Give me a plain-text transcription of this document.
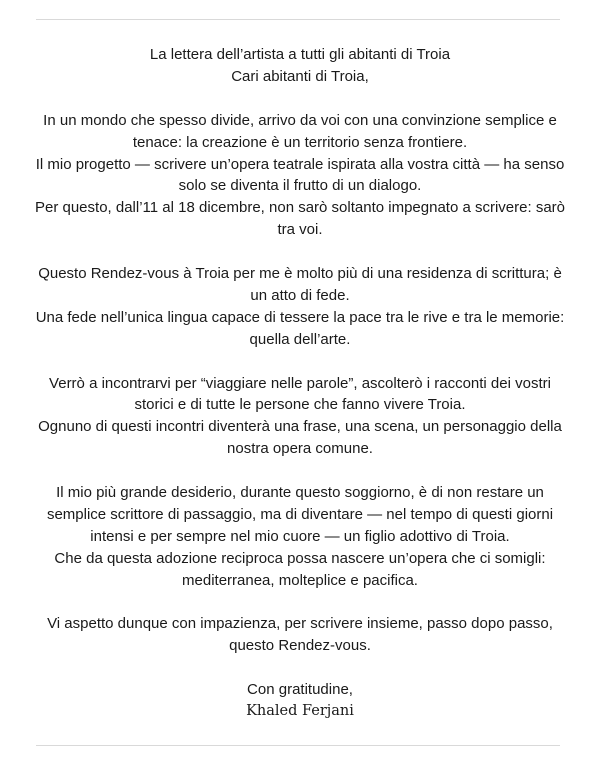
La lettera dell’artista a tutti gli abitanti di Troia

Cari abitanti di Troia,

In un mondo che spesso divide, arrivo da voi con una convinzione semplice e tenace: la creazione è un territorio senza frontiere.

Il mio progetto — scrivere un’opera teatrale ispirata alla vostra città — ha senso solo se diventa il frutto di un dialogo.

Per questo, dall’11 al 18 dicembre, non sarò soltanto impegnato a scrivere: sarò tra voi.

Questo Rendez-vous à Troia per me è molto più di una residenza di scrittura; è un atto di fede.

Una fede nell’unica lingua capace di tessere la pace tra le rive e tra le memorie: quella dell’arte.

Verrò a incontrarvi per “viaggiare nelle parole”, ascolterò i racconti dei vostri storici e di tutte le persone che fanno vivere Troia.

Ognuno di questi incontri diventerà una frase, una scena, un personaggio della nostra opera comune.

Il mio più grande desiderio, durante questo soggiorno, è di non restare un semplice scrittore di passaggio, ma di diventare — nel tempo di questi giorni intensi e per sempre nel mio cuore — un figlio adottivo di Troia.

Che da questa adozione reciproca possa nascere un’opera che ci somigli: mediterranea, molteplice e pacifica.

Vi aspetto dunque con impazienza, per scrivere insieme, passo dopo passo, questo Rendez-vous.

Con gratitudine,

Khaled Ferjani
